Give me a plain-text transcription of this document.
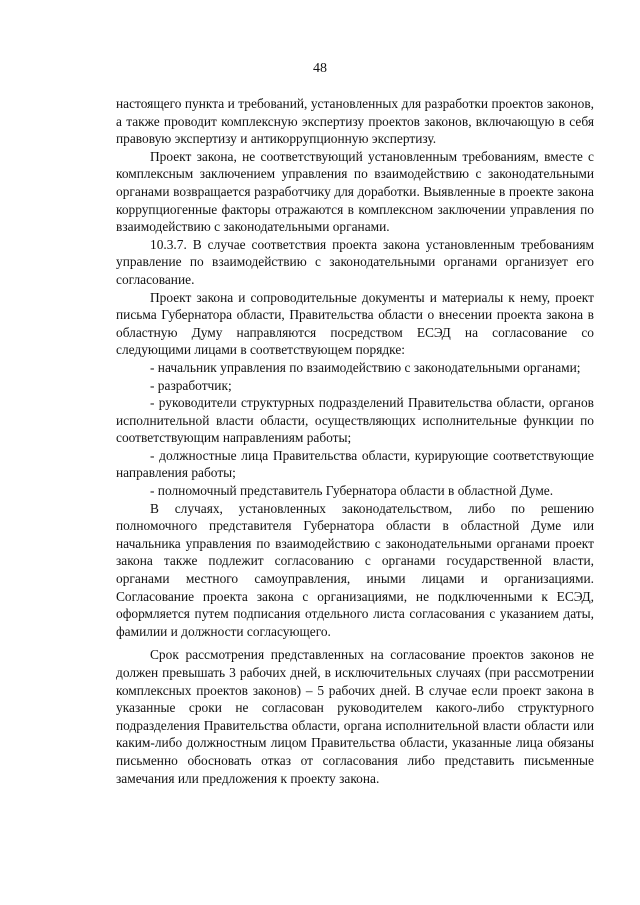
48

настоящего пункта и требований, установленных для разработки проектов законов, а также проводит комплексную экспертизу проектов законов, включающую в себя правовую экспертизу и антикоррупционную экспертизу.

Проект закона, не соответствующий установленным требованиям, вместе с комплексным заключением управления по взаимодействию с законодательными органами возвращается разработчику для доработки. Выявленные в проекте закона коррупциогенные факторы отражаются в комплексном заключении управления по взаимодействию с законодательными органами.

10.3.7. В случае соответствия проекта закона установленным требованиям управление по взаимодействию с законодательными органами организует его согласование.

Проект закона и сопроводительные документы и материалы к нему, проект письма Губернатора области, Правительства области о внесении проекта закона в областную Думу направляются посредством ЕСЭД на согласование со следующими лицами в соответствующем порядке:

- начальник управления по взаимодействию с законодательными органами;

- разработчик;

- руководители структурных подразделений Правительства области, органов исполнительной власти области, осуществляющих исполнительные функции по соответствующим направлениям работы;

- должностные лица Правительства области, курирующие соответствующие направления работы;

- полномочный представитель Губернатора области в областной Думе.

В случаях, установленных законодательством, либо по решению полномочного представителя Губернатора области в областной Думе или начальника управления по взаимодействию с законодательными органами проект закона также подлежит согласованию с органами государственной власти, органами местного самоуправления, иными лицами и организациями. Согласование проекта закона с организациями, не подключенными к ЕСЭД, оформляется путем подписания отдельного листа согласования с указанием даты, фамилии и должности согласующего.

Срок рассмотрения представленных на согласование проектов законов не должен превышать 3 рабочих дней, в исключительных случаях (при рассмотрении комплексных проектов законов) – 5 рабочих дней. В случае если проект закона в указанные сроки не согласован руководителем какого-либо структурного подразделения Правительства области, органа исполнительной власти области или каким-либо должностным лицом Правительства области, указанные лица обязаны письменно обосновать отказ от согласования либо представить письменные замечания или предложения к проекту закона.
